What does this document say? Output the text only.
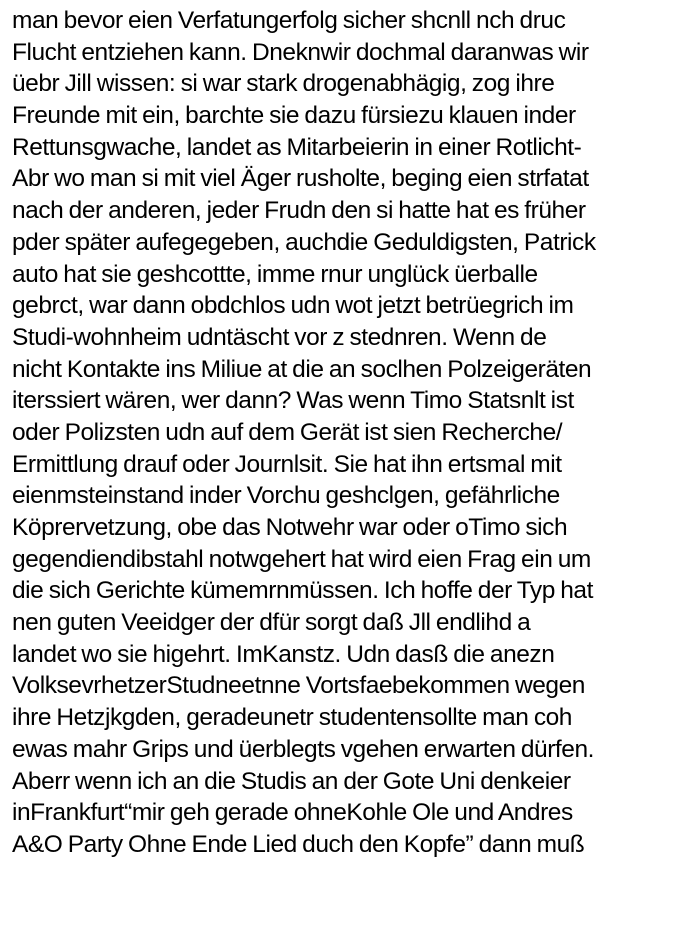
man bevor eien Verfatungerfolg sicher shcnll nch druc
Flucht entziehen kann. Dneknwir dochmal daranwas wir
üebr Jill wissen: si war stark drogenabhägig, zog ihre
Freunde mit ein, barchte sie dazu fürsiezu klauen inder
Rettunsgwache, landet as Mitarbeierin in einer Rotlicht-
Abr wo man si mit viel Äger rusholte, beging eien strfatat
nach der anderen, jeder Frudn den si hatte hat es früher
pder später aufegegeben, auchdie Geduldigsten, Patrick
auto hat sie geshcottte, imme rnur unglück üerballe
gebrct, war dann obdchlos udn wot jetzt betrüegrich im
Studi-wohnheim udntäscht vor z stednren. Wenn de
nicht Kontakte ins Miliue at die an soclhen Polzeigeräten
iterssiert wären, wer dann? Was wenn Timo Statsnlt ist
oder Polizsten udn auf dem Gerät ist sien Recherche/
Ermittlung drauf oder Journlsit. Sie hat ihn ertsmal mit
eienmsteinstand inder Vorchu geshclgen, gefährliche
Köprervetzung, obe das Notwehr war oder oTimo sich
gegendiendibstahl notwgehert hat wird eien Frag ein um
die sich Gerichte kümemrnmüssen. Ich hoffe der Typ hat
nen guten Veeidger der dfür sorgt daß Jll endlihd a
landet wo sie higehrt. ImKanstz. Udn dasß die anezn
VolksevrhetzerStudneetnne Vortsfaebekommen wegen
ihre Hetzjkgden, geradeunetr studentensollte man coh
ewas mahr Grips und üerblegts vgehen erwarten dürfen.
Aberr wenn ich an die Studis an der Gote Uni denkeier
inFrankfurt“mir geh gerade ohneKohle Ole und Andres
A&O Party Ohne Ende Lied duch den Kopfe” dann muß
